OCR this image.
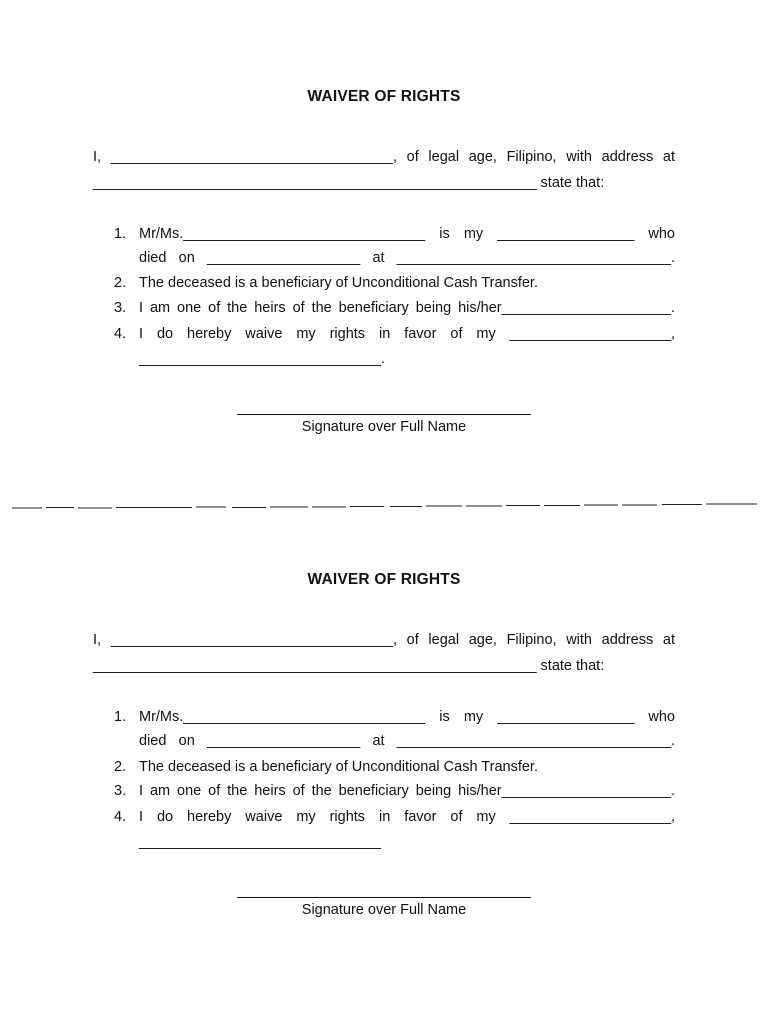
WAIVER OF RIGHTS
I, ___________________________________, of legal age, Filipino, with address at
_______________________________________________________ state that:
1. Mr/Ms.______________________________ is my _________________ who
died on ___________________ at __________________________________.
2. The deceased is a beneficiary of Unconditional Cash Transfer.
3. I am one of the heirs of the beneficiary being his/her_____________________.
4. I do hereby waive my rights in favor of my ____________________,
______________________________.
Signature over Full Name
WAIVER OF RIGHTS
I, ___________________________________, of legal age, Filipino, with address at
_______________________________________________________ state that:
1. Mr/Ms.______________________________ is my _________________ who
died on ___________________ at __________________________________.
2. The deceased is a beneficiary of Unconditional Cash Transfer.
3. I am one of the heirs of the beneficiary being his/her_____________________.
4. I do hereby waive my rights in favor of my ____________________,
______________________________
Signature over Full Name
